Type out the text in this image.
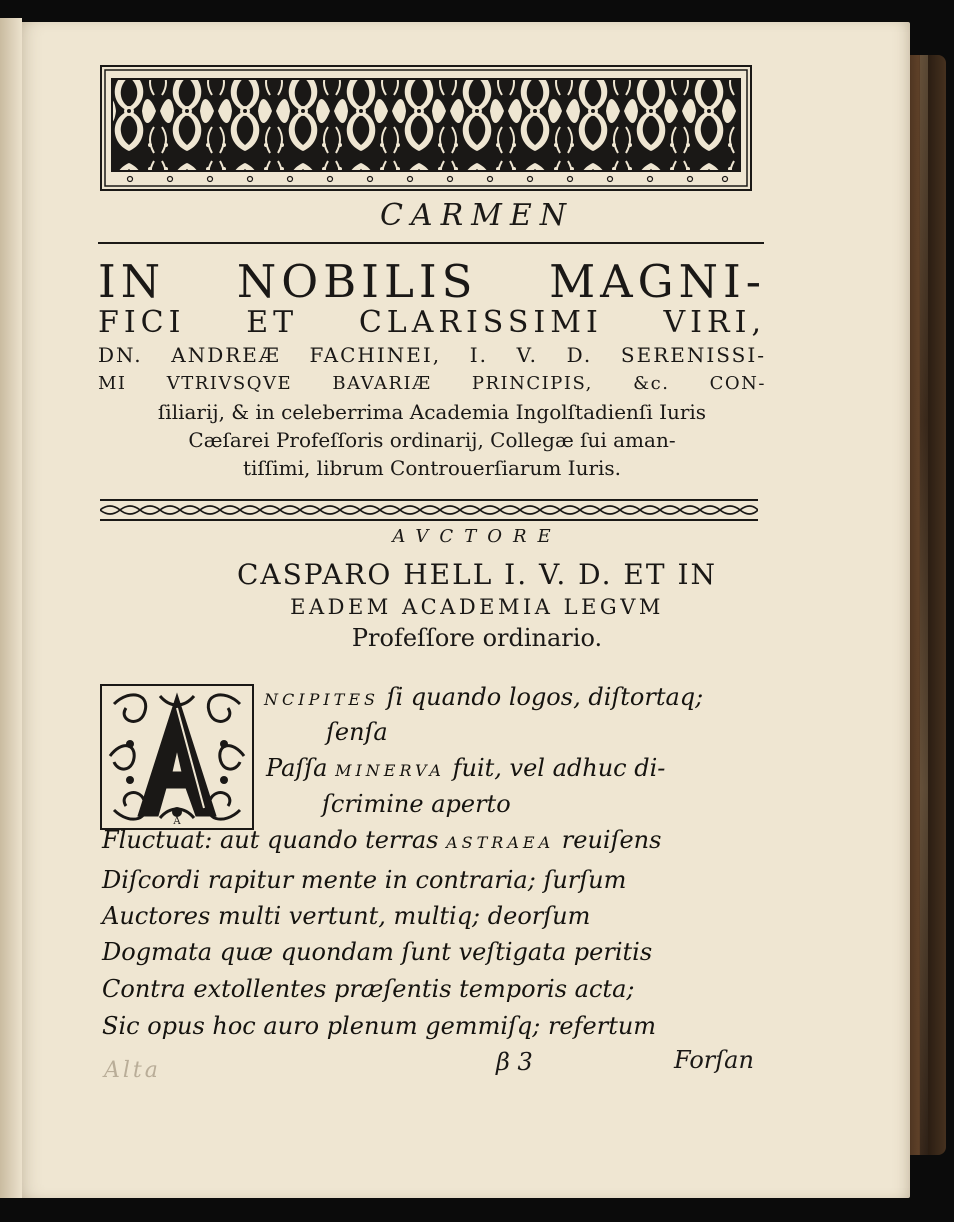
CARMEN
IN NOBILIS MAGNI-
FICI ET CLARISSIMI VIRI,
DN. ANDREÆ FACHINEI, I. V. D. SERENISSI-
MI VTRIVSQVE BAVARIÆ PRINCIPIS, &c. CON-
ſiliarij, & in celeberrima Academia Ingolſtadienſi Iuris
Cæſarei Profeſſoris ordinarij, Collegæ ſui aman-
tiſſimi, librum Controuerſiarum Iuris.
AVCTORE
CASPARO HELL I. V. D. ET IN
EADEM ACADEMIA LEGVM
Profeſſore ordinario.
A
NCIPITES ſi quando logos, diſtortaq;
ſenſa
Paſſa MINERVA fuit, vel adhuc di-
ſcrimine aperto
Fluctuat: aut quando terras ASTRAEA reuiſens
Diſcordi rapitur mente in contraria; ſurſum
Auctores multi vertunt, multiq; deorſum
Dogmata quæ quondam ſunt veſtigata peritis
Contra extollentes præſentis temporis acta;
Sic opus hoc auro plenum gemmiſq; refertum
Alta	β 3	Forſan
